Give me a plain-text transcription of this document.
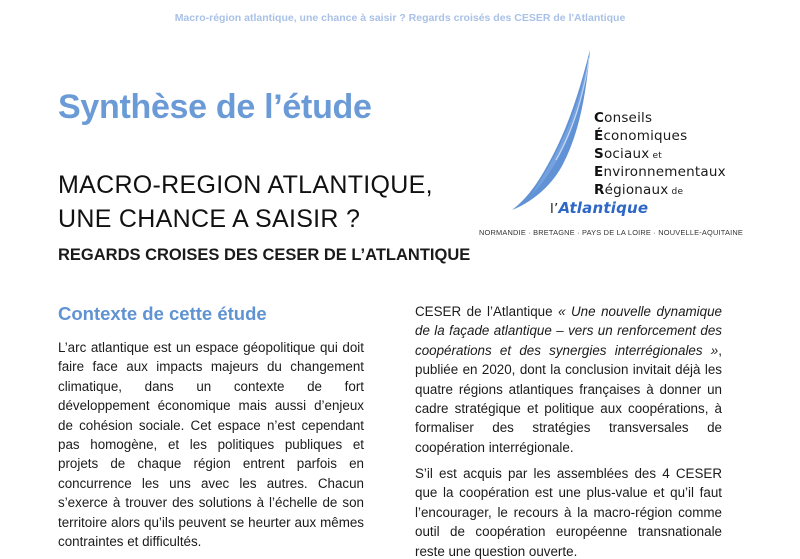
Macro-région atlantique, une chance à saisir ? Regards croisés des CESER de l'Atlantique
Synthèse de l’étude
MACRO-REGION ATLANTIQUE,
UNE CHANCE A SAISIR ?
REGARDS CROISES DES CESER DE L’ATLANTIQUE
Conseils
Économiques
Sociaux et
Environnementaux
Régionaux de
l’Atlantique
NORMANDIE · BRETAGNE · PAYS DE LA LOIRE · NOUVELLE-AQUITAINE
Contexte de cette étude

L’arc atlantique est un espace géopolitique qui doit faire face aux impacts majeurs du changement climatique, dans un contexte de fort développement économique mais aussi d’enjeux de cohésion sociale. Cet espace n’est cependant pas homogène, et les politiques publiques et projets de chaque région entrent parfois en concurrence les uns avec les autres. Chacun s’exerce à trouver des solutions à l’échelle de son territoire alors qu’ils peuvent se heurter aux mêmes contraintes et difficultés.

CESER de l’Atlantique « Une nouvelle dynamique de la façade atlantique – vers un renforcement des coopérations et des synergies interrégionales », publiée en 2020, dont la conclusion invitait déjà les quatre régions atlantiques françaises à donner un cadre stratégique et politique aux coopérations, à formaliser des stratégies transversales de coopération interrégionale.

S’il est acquis par les assemblées des 4 CESER que la coopération est une plus-value et qu’il faut l’encourager, le recours à la macro-région comme outil de coopération européenne transnationale reste une question ouverte.
